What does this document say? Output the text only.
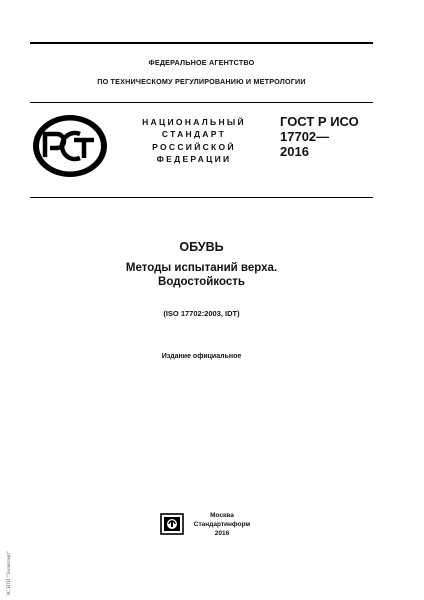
ФЕДЕРАЛЬНОЕ АГЕНТСТВО
ПО ТЕХНИЧЕСКОМУ РЕГУЛИРОВАНИЮ И МЕТРОЛОГИИ
НАЦИОНАЛЬНЫЙ
СТАНДАРТ
РОССИЙСКОЙ
ФЕДЕРАЦИИ
ГОСТ Р ИСО
17702—
2016
ОБУВЬ
Методы испытаний верха.
Водостойкость
(ISO 17702:2003, IDT)
Издание официальное
Москва
Стандартинформ
2016
ЭС НТИ "Техэксперт"
